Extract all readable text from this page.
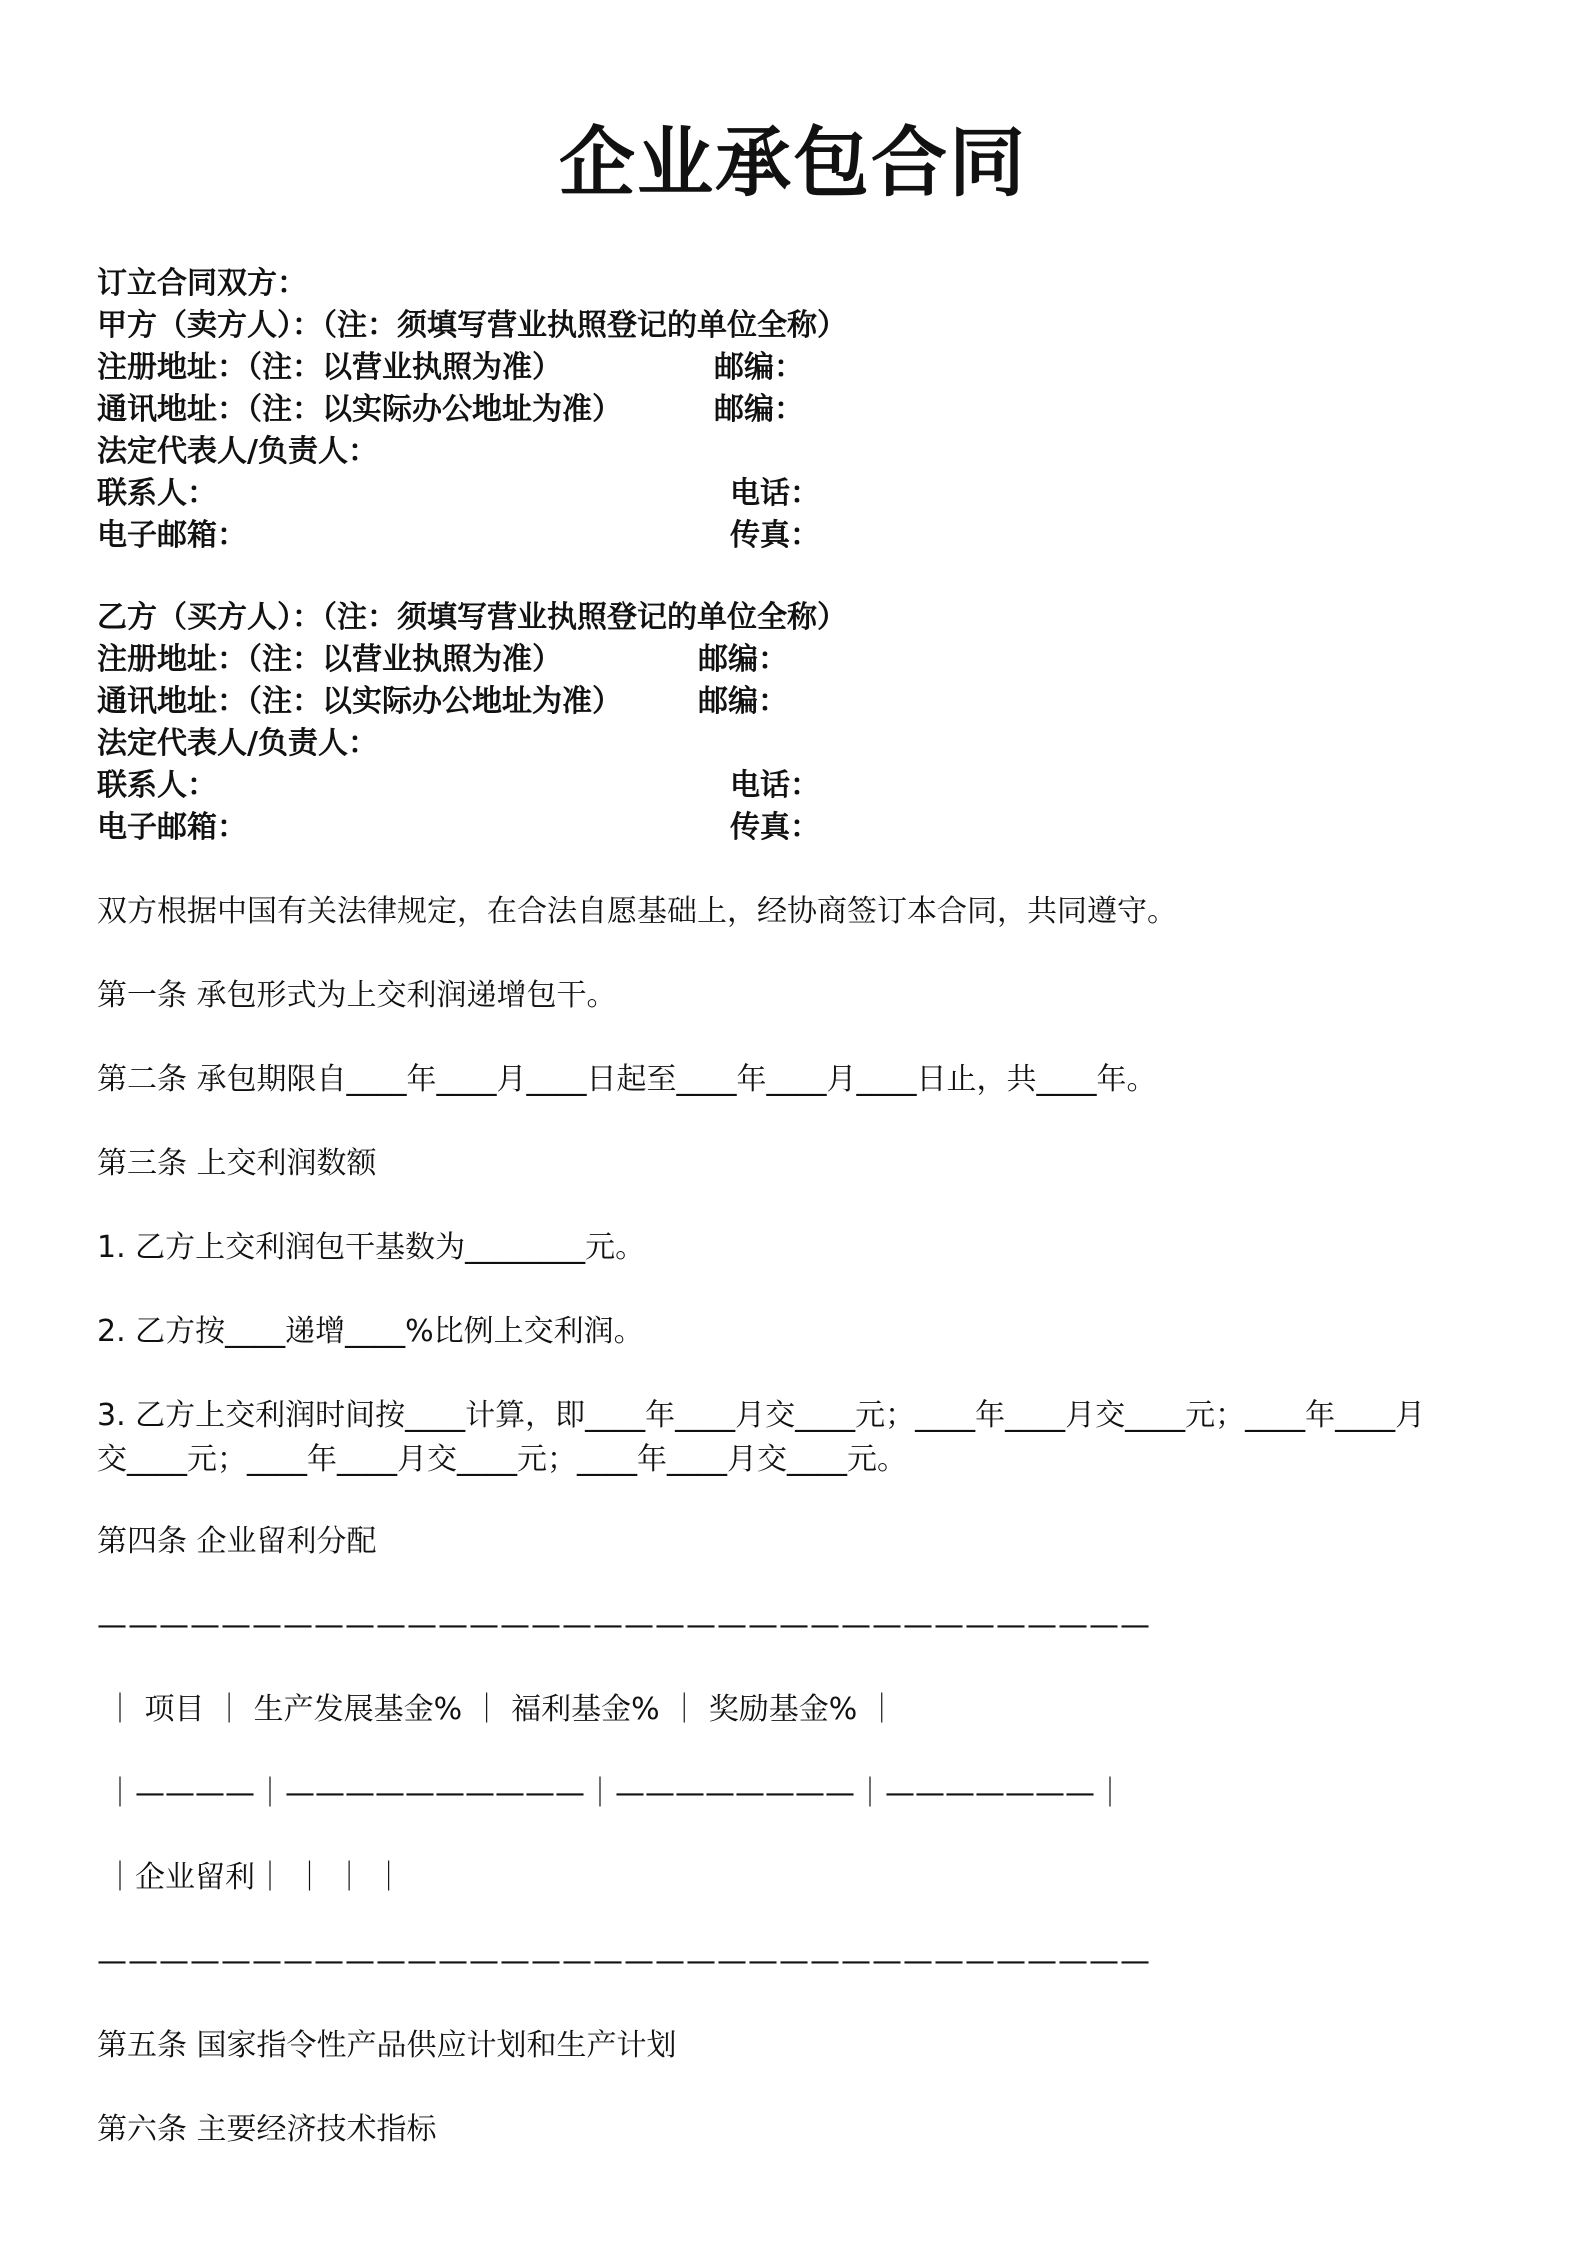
企业承包合同
订立合同双方：
甲方（卖方人）：（注：须填写营业执照登记的单位全称）
注册地址：（注：以营业执照为准）	邮编：
通讯地址：（注：以实际办公地址为准）	邮编：
法定代表人/负责人：
联系人：	电话：
电子邮箱：	传真：
乙方（买方人）：（注：须填写营业执照登记的单位全称）
注册地址：（注：以营业执照为准）	邮编：
通讯地址：（注：以实际办公地址为准）	邮编：
法定代表人/负责人：
联系人：	电话：
电子邮箱：	传真：
双方根据中国有关法律规定，在合法自愿基础上，经协商签订本合同，共同遵守。
第一条 承包形式为上交利润递增包干。
第二条 承包期限自____年____月____日起至____年____月____日止，共____年。
第三条 上交利润数额
1. 乙方上交利润包干基数为________元。
2. 乙方按____递增____%比例上交利润。
3. 乙方上交利润时间按____计算，即____年____月交____元；____年____月交____元；____年____月
交____元；____年____月交____元；____年____月交____元。
第四条 企业留利分配
——————————————————————————————————
｜ 项目 ｜ 生产发展基金% ｜ 福利基金% ｜ 奖励基金% ｜
｜————｜——————————｜————————｜———————｜
｜企业留利｜ ｜ ｜ ｜
——————————————————————————————————
第五条 国家指令性产品供应计划和生产计划
第六条 主要经济技术指标
